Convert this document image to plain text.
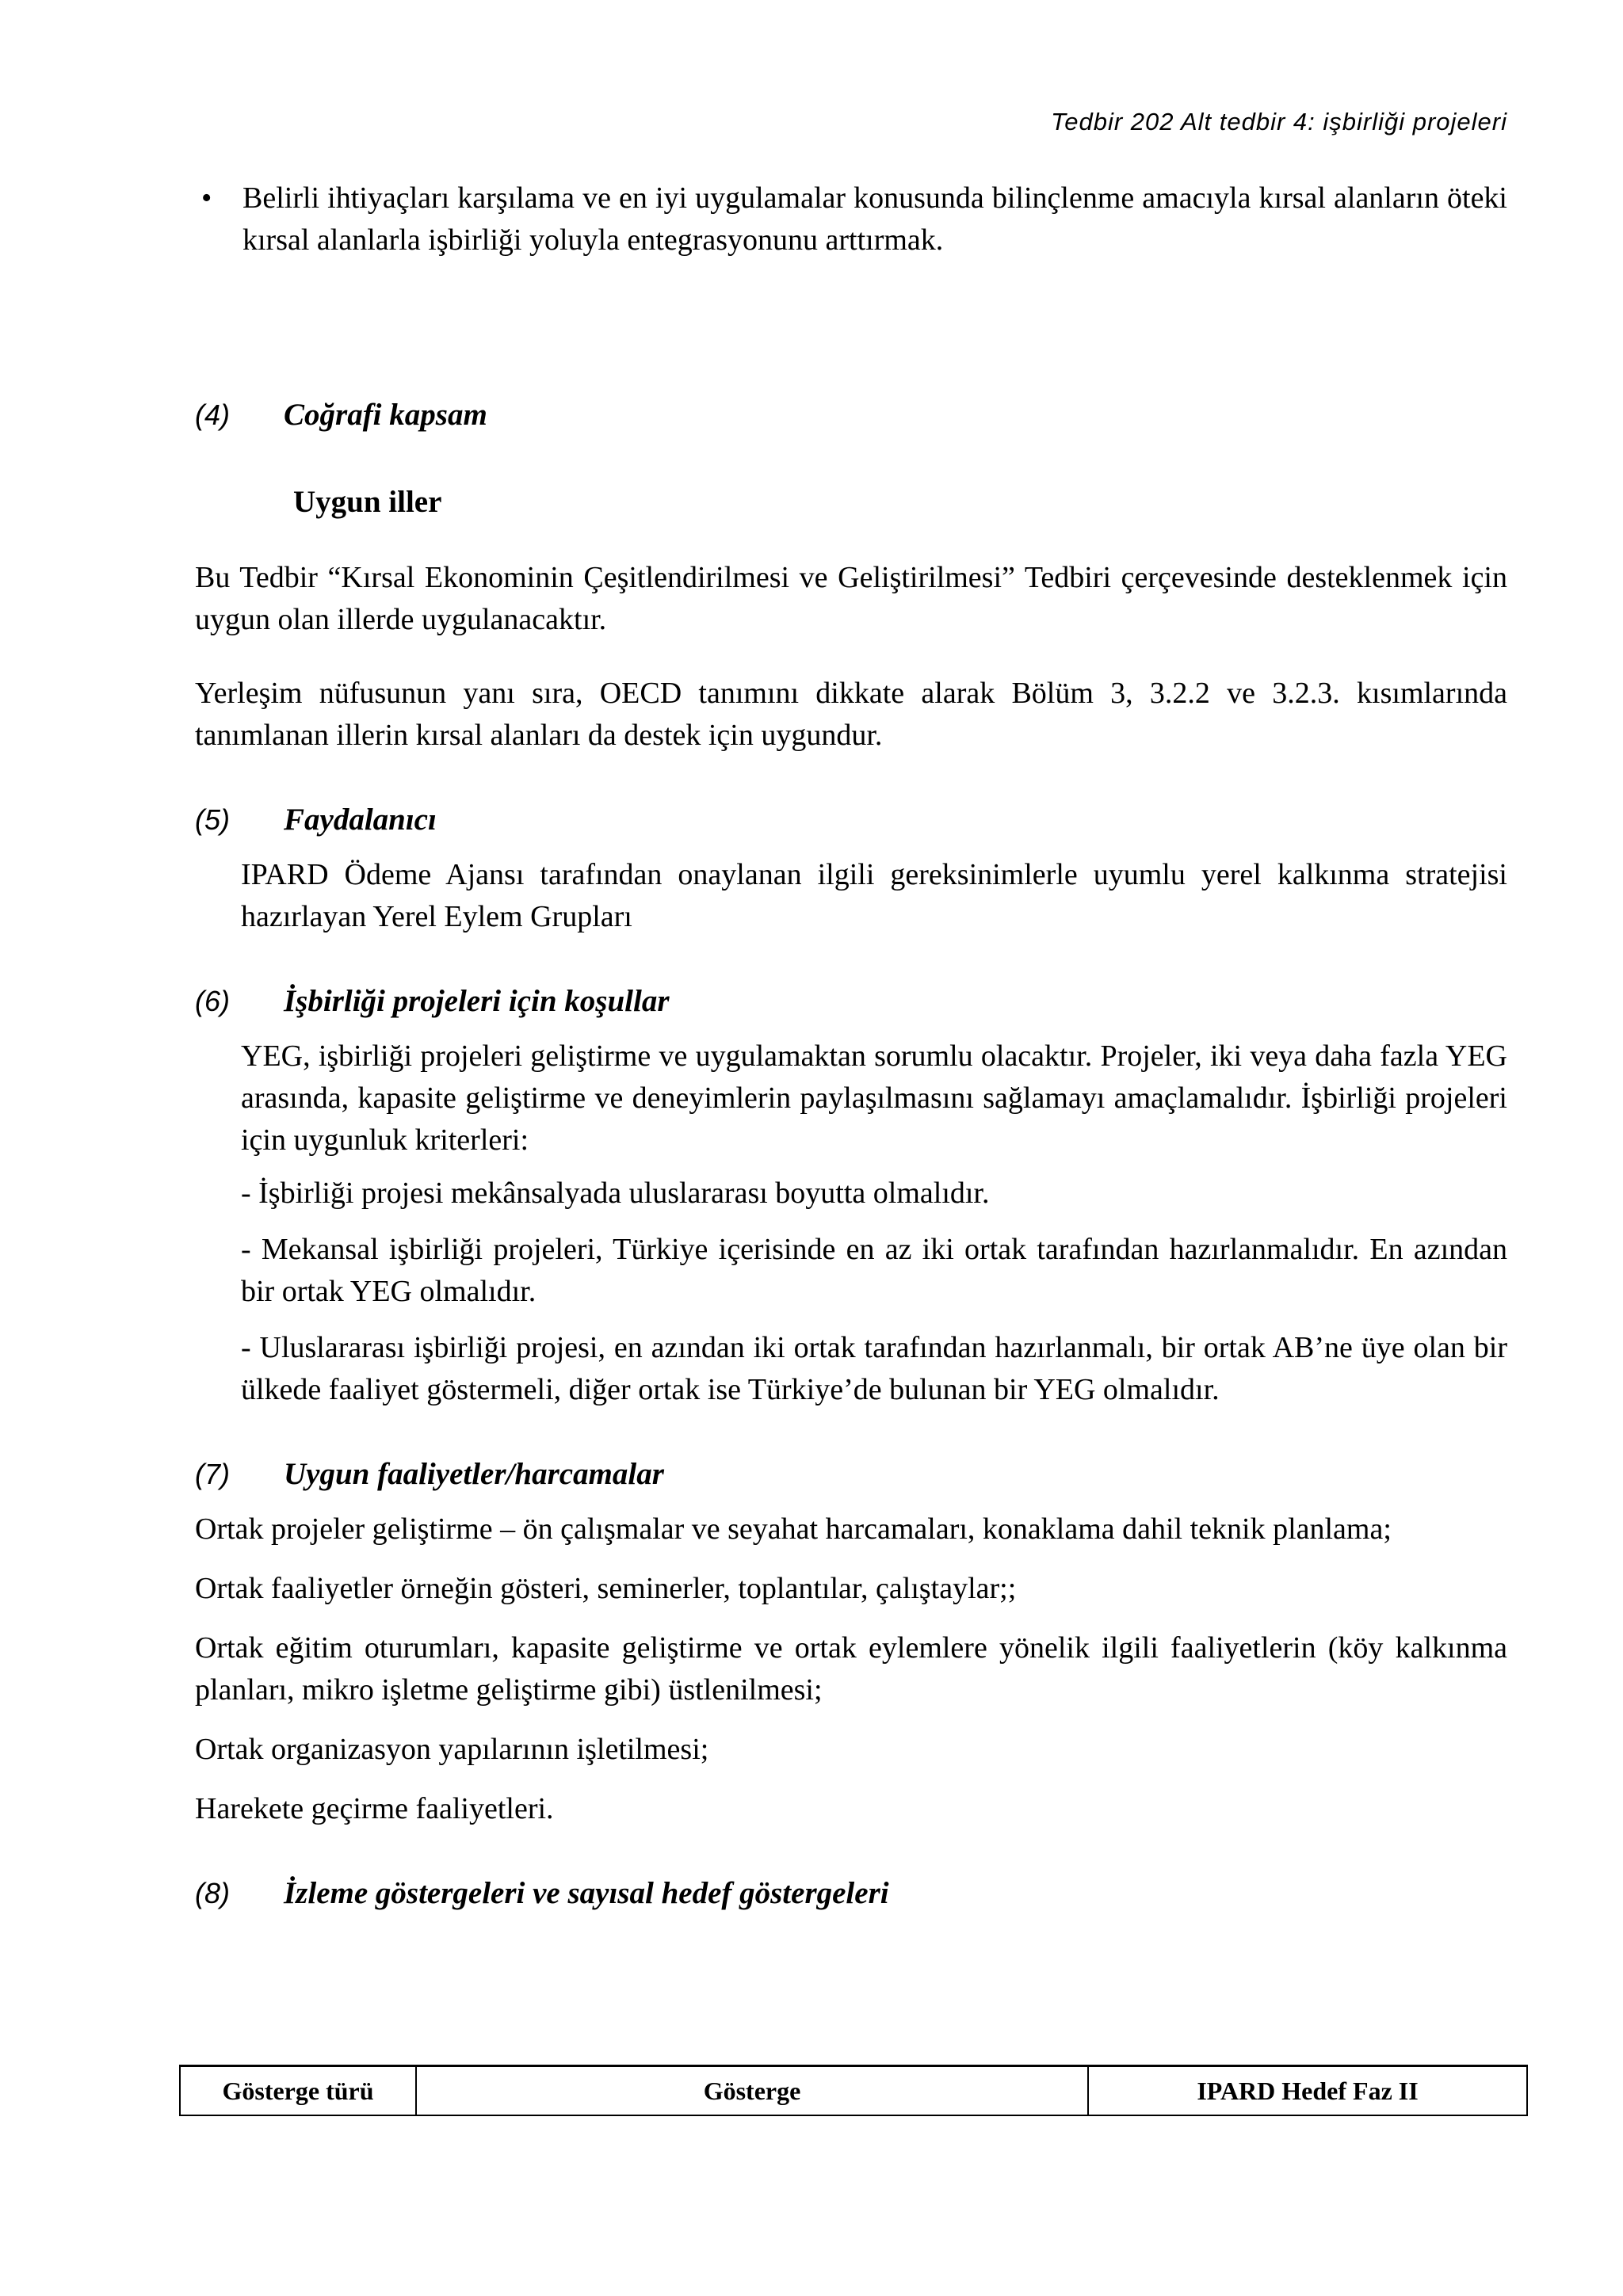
Tedbir 202 Alt tedbir 4: işbirliği projeleri
• Belirli ihtiyaçları karşılama ve en iyi uygulamalar konusunda bilinçlenme amacıyla kırsal alanların öteki kırsal alanlarla işbirliği yoluyla entegrasyonunu arttırmak.

(4)	Coğrafi kapsam
Uygun iller

Bu Tedbir “Kırsal Ekonominin Çeşitlendirilmesi ve Geliştirilmesi” Tedbiri çerçevesinde desteklenmek için uygun olan illerde uygulanacaktır.

Yerleşim nüfusunun yanı sıra, OECD tanımını dikkate alarak Bölüm 3, 3.2.2 ve 3.2.3. kısımlarında tanımlanan illerin kırsal alanları da destek için uygundur.

(5)	Faydalanıcı

IPARD Ödeme Ajansı tarafından onaylanan ilgili gereksinimlerle uyumlu yerel kalkınma stratejisi hazırlayan Yerel Eylem Grupları

(6)	İşbirliği projeleri için koşullar

YEG, işbirliği projeleri geliştirme ve uygulamaktan sorumlu olacaktır. Projeler, iki veya daha fazla YEG arasında, kapasite geliştirme ve deneyimlerin paylaşılmasını sağlamayı amaçlamalıdır. İşbirliği projeleri için uygunluk kriterleri:

- İşbirliği projesi mekânsalyada uluslararası boyutta olmalıdır.

- Mekansal işbirliği projeleri, Türkiye içerisinde en az iki ortak tarafından hazırlanmalıdır. En azından bir ortak YEG olmalıdır.

- Uluslararası işbirliği projesi, en azından iki ortak tarafından hazırlanmalı, bir ortak AB’ne üye olan bir ülkede faaliyet göstermeli, diğer ortak ise Türkiye’de bulunan bir YEG olmalıdır.

(7)	Uygun faaliyetler/harcamalar

Ortak projeler geliştirme – ön çalışmalar ve seyahat harcamaları, konaklama dahil teknik planlama;

Ortak faaliyetler örneğin gösteri, seminerler, toplantılar, çalıştaylar;;

Ortak eğitim oturumları, kapasite geliştirme ve ortak eylemlere yönelik ilgili faaliyetlerin (köy kalkınma planları, mikro işletme geliştirme gibi) üstlenilmesi;

Ortak organizasyon yapılarının işletilmesi;

Harekete geçirme faaliyetleri.

(8)	İzleme göstergeleri ve sayısal hedef göstergeleri
Gösterge türü	Gösterge	IPARD Hedef Faz II
